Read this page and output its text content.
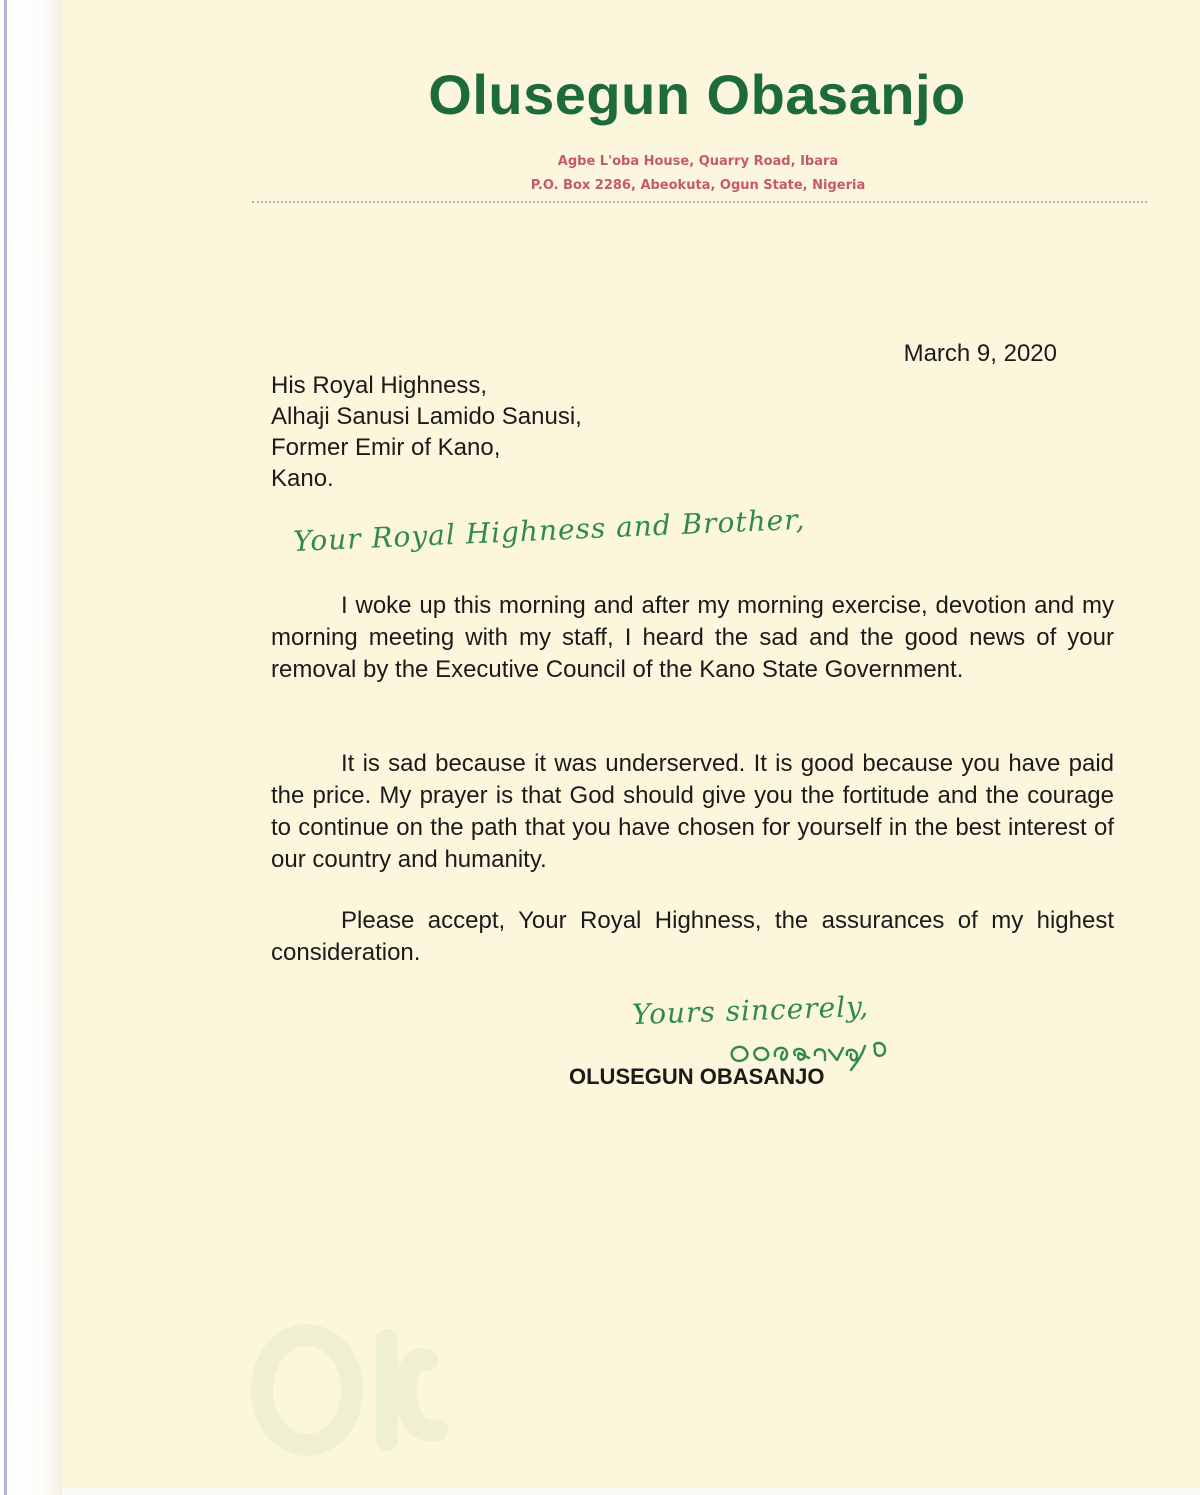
Olusegun Obasanjo

Agbe L'oba House, Quarry Road, Ibara

P.O. Box 2286, Abeokuta, Ogun State, Nigeria

March 9, 2020

His Royal Highness,
Alhaji Sanusi Lamido Sanusi,
Former Emir of Kano,
Kano.

Your Royal Highness and Brother,

I woke up this morning and after my morning exercise, devotion and my morning meeting with my staff, I heard the sad and the good news of your removal by the Executive Council of the Kano State Government.

It is sad because it was underserved. It is good because you have paid the price. My prayer is that God should give you the fortitude and the courage to continue on the path that you have chosen for yourself in the best interest of our country and humanity.

Please accept, Your Royal Highness, the assurances of my highest consideration.

Yours sincerely,

OLUSEGUN OBASANJO
